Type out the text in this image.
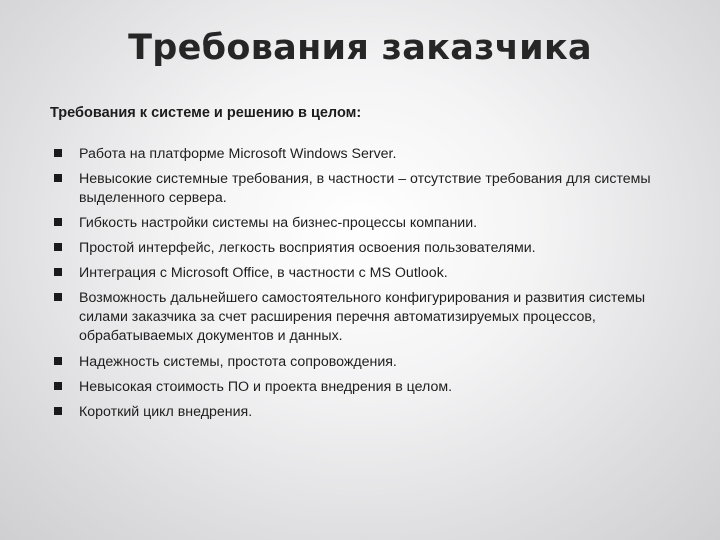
Требования заказчика
Требования к системе и решению в целом:
Работа на платформе Microsoft Windows Server.
Невысокие системные требования, в частности – отсутствие требования для системы выделенного сервера.
Гибкость настройки системы на бизнес-процессы компании.
Простой интерфейс, легкость восприятия освоения пользователями.
Интеграция с Microsoft Office, в частности с MS Outlook.
Возможность дальнейшего самостоятельного конфигурирования и развития системы силами заказчика за счет расширения перечня автоматизируемых процессов, обрабатываемых документов и данных.
Надежность системы, простота сопровождения.
Невысокая стоимость ПО и проекта внедрения в целом.
Короткий цикл внедрения.
